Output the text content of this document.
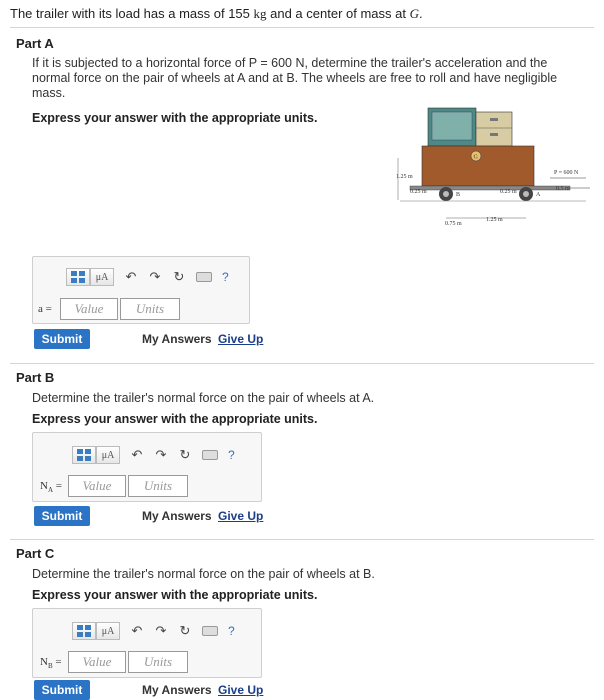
The trailer with its load has a mass of 155 kg and a center of mass at G.
Part A
If it is subjected to a horizontal force of P = 600 N, determine the trailer's acceleration and the
normal force on the pair of wheels at A and at B. The wheels are free to roll and have negligible
mass.
Express your answer with the appropriate units.
G
B	A
1.25 m
0.25 m	0.25 m
P = 600 N
0.5 m
0.75 m
1.25 m
μA ↶ ↷ ↻	?
a =	Value	Units
Submit	My Answers Give Up
Part B
Determine the trailer's normal force on the pair of wheels at A.
Express your answer with the appropriate units.
μA ↶ ↷ ↻	?
$N_A$ =	Value	Units
Submit	My Answers Give Up
Part C
Determine the trailer's normal force on the pair of wheels at B.
Express your answer with the appropriate units.
μA ↶ ↷ ↻	?
$N_B$ =	Value	Units
Submit	My Answers Give Up
